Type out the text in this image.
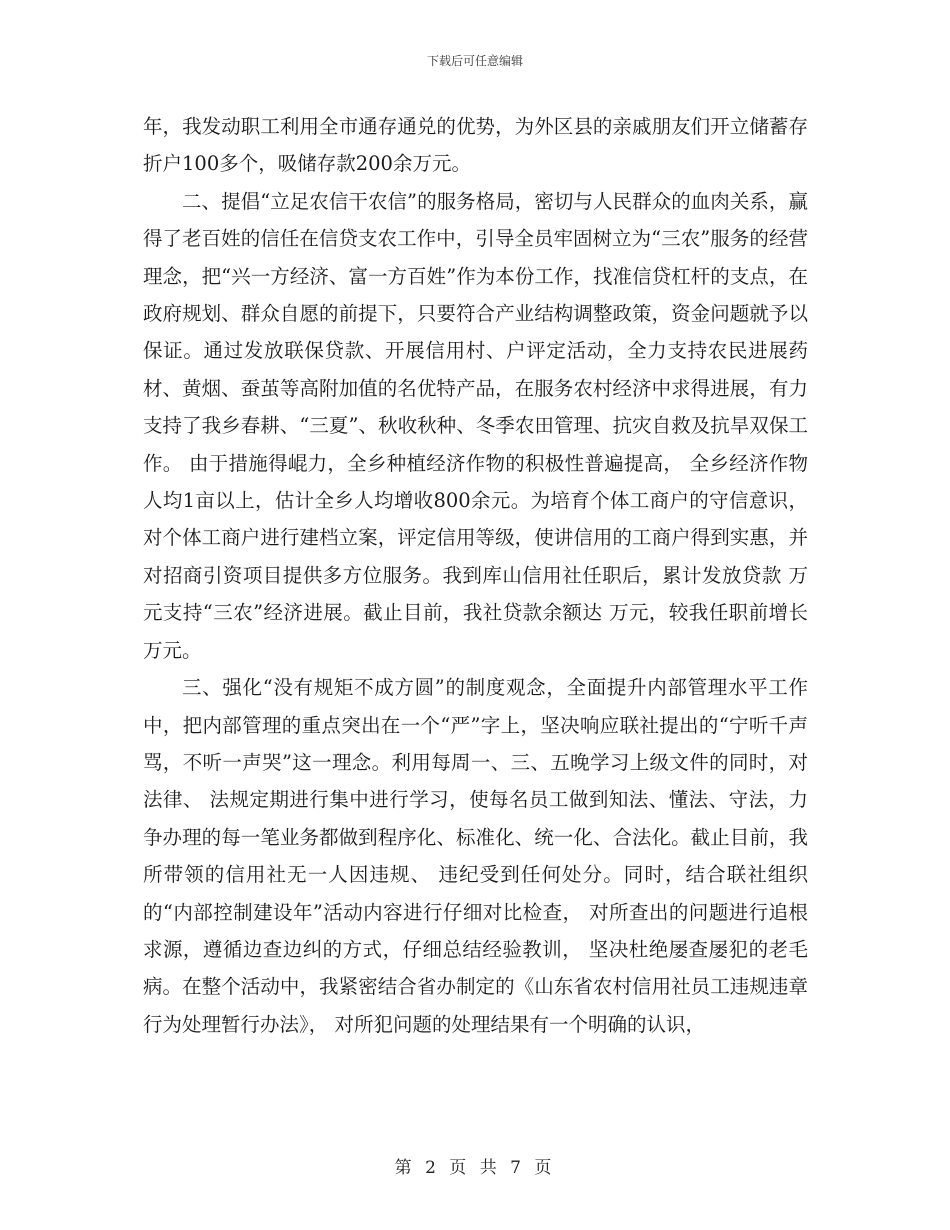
下载后可任意编辑

年，我发动职工利用全市通存通兑的优势，为外区县的亲戚朋友们开立储蓄存折户100多个，吸储存款200余万元。

二、提倡“立足农信干农信”的服务格局，密切与人民群众的血肉关系，赢得了老百姓的信任在信贷支农工作中，引导全员牢固树立为“三农”服务的经营理念，把“兴一方经济、富一方百姓”作为本份工作，找准信贷杠杆的支点，在政府规划、群众自愿的前提下，只要符合产业结构调整政策，资金问题就予以保证。通过发放联保贷款、开展信用村、户评定活动，全力支持农民进展药材、黄烟、蚕茧等高附加值的名优特产品，在服务农村经济中求得进展，有力支持了我乡春耕、“三夏”、秋收秋种、冬季农田管理、抗灾自救及抗旱双保工作。 由于措施得崐力，全乡种植经济作物的积极性普遍提高， 全乡经济作物人均1亩以上，估计全乡人均增收800余元。为培育个体工商户的守信意识， 对个体工商户进行建档立案，评定信用等级，使讲信用的工商户得到实惠，并对招商引资项目提供多方位服务。我到库山信用社任职后，累计发放贷款 万元支持“三农”经济进展。截止目前，我社贷款余额达 万元，较我任职前增长 万元。

三、强化“没有规矩不成方圆”的制度观念，全面提升内部管理水平工作中，把内部管理的重点突出在一个“严”字上，坚决响应联社提出的“宁听千声骂，不听一声哭”这一理念。利用每周一、三、五晚学习上级文件的同时，对法律、 法规定期进行集中进行学习，使每名员工做到知法、懂法、守法，力争办理的每一笔业务都做到程序化、标准化、统一化、合法化。截止目前，我所带领的信用社无一人因违规、 违纪受到任何处分。同时，结合联社组织的“内部控制建设年”活动内容进行仔细对比检查， 对所查出的问题进行追根求源，遵循边查边纠的方式，仔细总结经验教训， 坚决杜绝屡查屡犯的老毛病。在整个活动中，我紧密结合省办制定的《山东省农村信用社员工违规违章行为处理暂行办法》， 对所犯问题的处理结果有一个明确的认识，

第 2 页 共 7 页
